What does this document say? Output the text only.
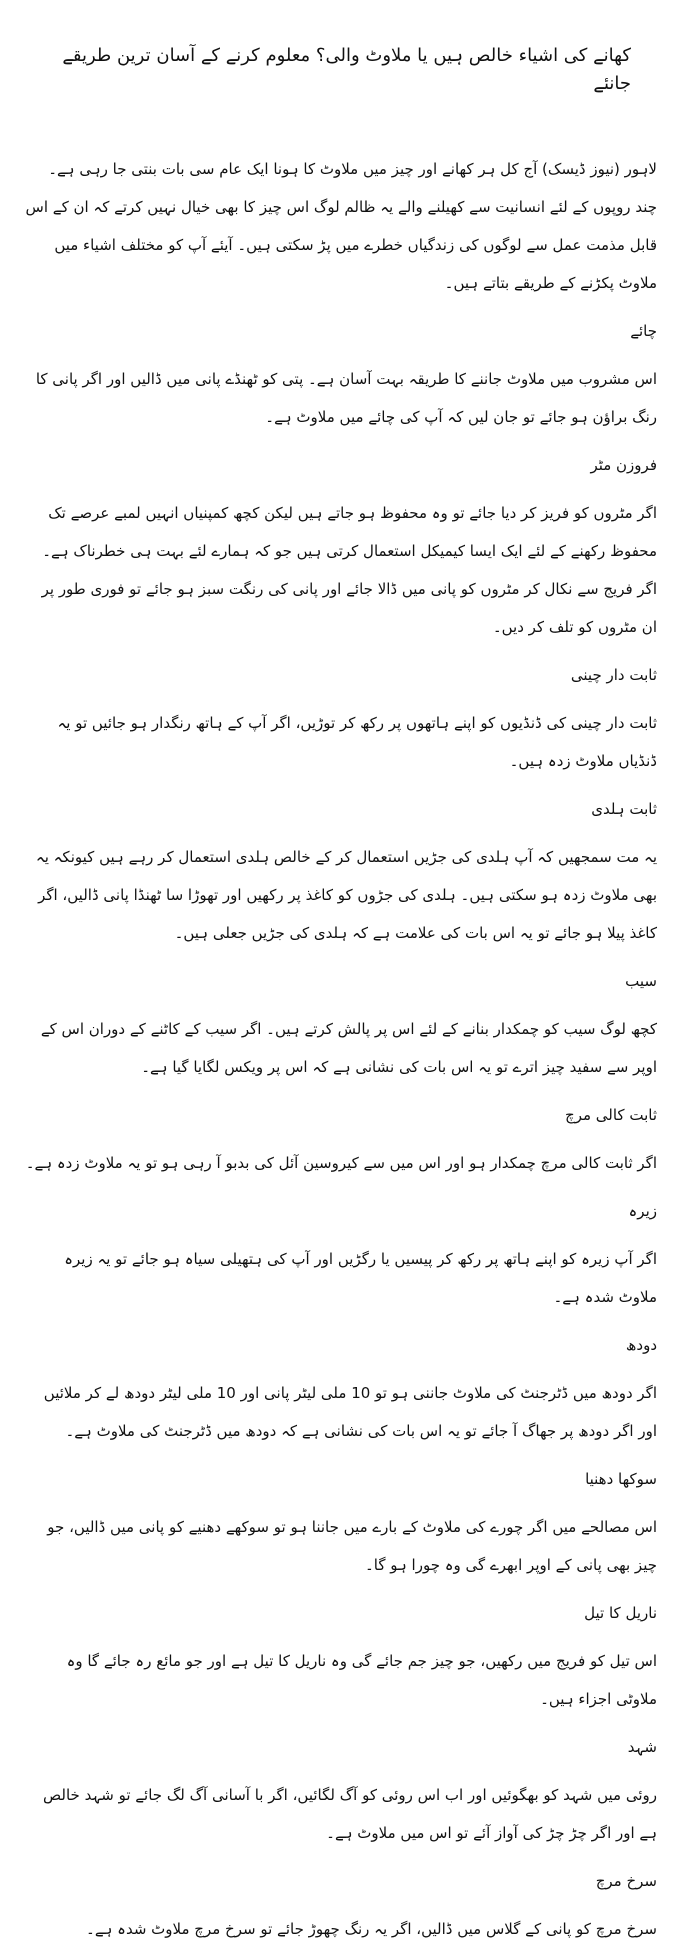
کھانے کی اشیاء خالص ہیں یا ملاوٹ والی؟ معلوم کرنے کے آسان ترین طریقے جانئے

لاہور (نیوز ڈیسک) آج کل ہر کھانے اور چیز میں ملاوٹ کا ہونا ایک عام سی بات بنتی جا رہی ہے۔ چند روپوں کے لئے انسانیت سے کھیلنے والے یہ ظالم لوگ اس چیز کا بھی خیال نہیں کرتے کہ ان کے اس قابل مذمت عمل سے لوگوں کی زندگیاں خطرے میں پڑ سکتی ہیں۔ آیئے آپ کو مختلف اشیاء میں ملاوٹ پکڑنے کے طریقے بتاتے ہیں۔

چائے

اس مشروب میں ملاوٹ جاننے کا طریقہ بہت آسان ہے۔ پتی کو ٹھنڈے پانی میں ڈالیں اور اگر پانی کا رنگ براؤن ہو جائے تو جان لیں کہ آپ کی چائے میں ملاوٹ ہے۔

فروزن مٹر

اگر مٹروں کو فریز کر دیا جائے تو وہ محفوظ ہو جاتے ہیں لیکن کچھ کمپنیاں انہیں لمبے عرصے تک محفوظ رکھنے کے لئے ایک ایسا کیمیکل استعمال کرتی ہیں جو کہ ہمارے لئے بہت ہی خطرناک ہے۔ اگر فریج سے نکال کر مٹروں کو پانی میں ڈالا جائے اور پانی کی رنگت سبز ہو جائے تو فوری طور پر ان مٹروں کو تلف کر دیں۔

ثابت دار چینی

ثابت دار چینی کی ڈنڈیوں کو اپنے ہاتھوں پر رکھ کر توڑیں، اگر آپ کے ہاتھ رنگدار ہو جائیں تو یہ ڈنڈیاں ملاوٹ زدہ ہیں۔

ثابت ہلدی

یہ مت سمجھیں کہ آپ ہلدی کی جڑیں استعمال کر کے خالص ہلدی استعمال کر رہے ہیں کیونکہ یہ بھی ملاوٹ زدہ ہو سکتی ہیں۔ ہلدی کی جڑوں کو کاغذ پر رکھیں اور تھوڑا سا ٹھنڈا پانی ڈالیں، اگر کاغذ پیلا ہو جائے تو یہ اس بات کی علامت ہے کہ ہلدی کی جڑیں جعلی ہیں۔

سیب

کچھ لوگ سیب کو چمکدار بنانے کے لئے اس پر پالش کرتے ہیں۔ اگر سیب کے کاٹنے کے دوران اس کے اوپر سے سفید چیز اترے تو یہ اس بات کی نشانی ہے کہ اس پر ویکس لگایا گیا ہے۔

ثابت کالی مرچ

اگر ثابت کالی مرچ چمکدار ہو اور اس میں سے کیروسین آئل کی بدبو آ رہی ہو تو یہ ملاوٹ زدہ ہے۔

زیرہ

اگر آپ زیرہ کو اپنے ہاتھ پر رکھ کر پیسیں یا رگڑیں اور آپ کی ہتھیلی سیاہ ہو جائے تو یہ زیرہ ملاوٹ شدہ ہے۔

دودھ

اگر دودھ میں ڈٹرجنٹ کی ملاوٹ جاننی ہو تو 10 ملی لیٹر پانی اور 10 ملی لیٹر دودھ لے کر ملائیں اور اگر دودھ پر جھاگ آ جائے تو یہ اس بات کی نشانی ہے کہ دودھ میں ڈٹرجنٹ کی ملاوٹ ہے۔

سوکھا دھنیا

اس مصالحے میں اگر چورے کی ملاوٹ کے بارے میں جاننا ہو تو سوکھے دھنیے کو پانی میں ڈالیں، جو چیز بھی پانی کے اوپر ابھرے گی وہ چورا ہو گا۔

ناریل کا تیل

اس تیل کو فریج میں رکھیں، جو چیز جم جائے گی وہ ناریل کا تیل ہے اور جو مائع رہ جائے گا وہ ملاوٹی اجزاء ہیں۔

شہد

روئی میں شہد کو بھگوئیں اور اب اس روئی کو آگ لگائیں، اگر با آسانی آگ لگ جائے تو شہد خالص ہے اور اگر چڑ چڑ کی آواز آئے تو اس میں ملاوٹ ہے۔

سرخ مرچ

سرخ مرچ کو پانی کے گلاس میں ڈالیں، اگر یہ رنگ چھوڑ جائے تو سرخ مرچ ملاوٹ شدہ ہے۔
